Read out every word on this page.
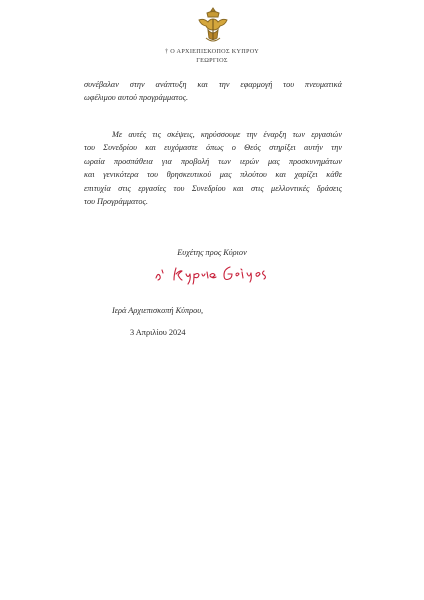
† Ο ΑΡΧΙΕΠΙΣΚΟΠΟΣ ΚΥΠΡΟΥ
ΓΕΩΡΓΙΟΣ
συνέβαλαν στην ανάπτυξη και την εφαρμογή του πνευματικά
ωφέλιμου αυτού προγράμματος.
Με αυτές τις σκέψεις, κηρύσσουμε την έναρξη των εργασιών
του Συνεδρίου και ευχόμαστε όπως ο Θεός στηρίξει αυτήν την
ωραία προσπάθεια για προβολή των ιερών μας προσκυνημάτων
και γενικότερα του θρησκευτικού μας πλούτου και χαρίζει κάθε
επιτυχία στις εργασίες του Συνεδρίου και στις μελλοντικές δράσεις
του Προγράμματος.
Ευχέτης προς Κύριον
Ιερά Αρχιεπισκοπή Κύπρου,
3 Απριλίου 2024
